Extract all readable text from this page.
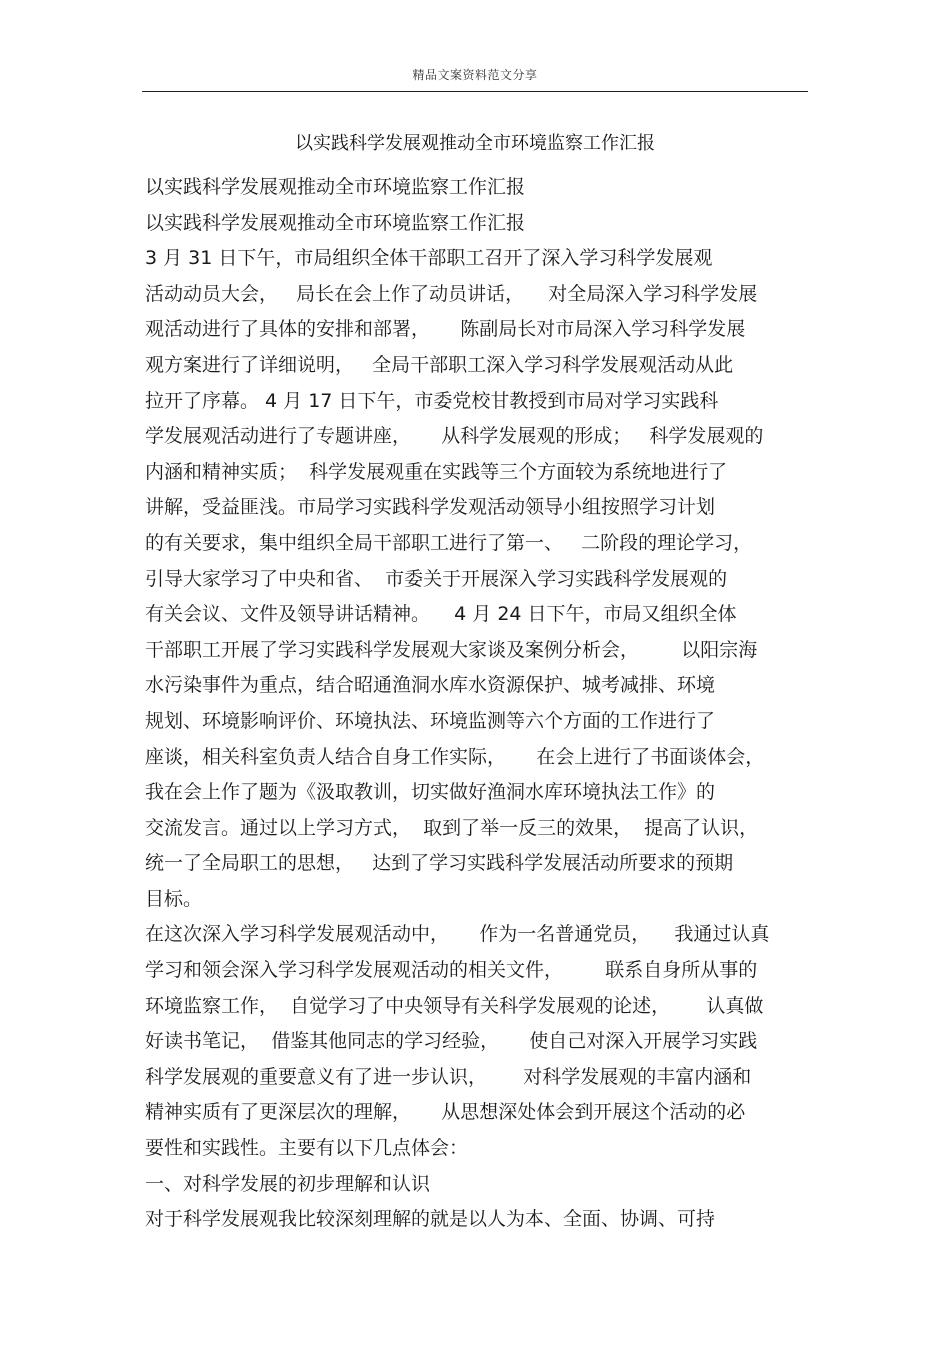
精品文案资料范文分享
以实践科学发展观推动全市环境监察工作汇报
以实践科学发展观推动全市环境监察工作汇报
以实践科学发展观推动全市环境监察工作汇报
3 月 31 日下午，市局组织全体干部职工召开了深入学习科学发展观
活动动员大会，   局长在会上作了动员讲话，    对全局深入学习科学发展
观活动进行了具体的安排和部署，     陈副局长对市局深入学习科学发展
观方案进行了详细说明，   全局干部职工深入学习科学发展观活动从此
拉开了序幕。 4 月 17 日下午，市委党校甘教授到市局对学习实践科
学发展观活动进行了专题讲座，     从科学发展观的形成；   科学发展观的
内涵和精神实质；  科学发展观重在实践等三个方面较为系统地进行了
讲解，受益匪浅。市局学习实践科学发观活动领导小组按照学习计划
的有关要求，集中组织全局干部职工进行了第一、   二阶段的理论学习，
引导大家学习了中央和省、  市委关于开展深入学习实践科学发展观的
有关会议、文件及领导讲话精神。    4 月 24 日下午，市局又组织全体
干部职工开展了学习实践科学发展观大家谈及案例分析会，       以阳宗海
水污染事件为重点，结合昭通渔洞水库水资源保护、城考减排、环境
规划、环境影响评价、环境执法、环境监测等六个方面的工作进行了
座谈，相关科室负责人结合自身工作实际，     在会上进行了书面谈体会，
我在会上作了题为《汲取教训，切实做好渔洞水库环境执法工作》的
交流发言。通过以上学习方式，  取到了举一反三的效果，  提高了认识，
统一了全局职工的思想，   达到了学习实践科学发展活动所要求的预期
目标。
在这次深入学习科学发展观活动中，     作为一名普通党员，    我通过认真
学习和领会深入学习科学发展观活动的相关文件，       联系自身所从事的
环境监察工作，  自觉学习了中央领导有关科学发展观的论述，      认真做
好读书笔记，  借鉴其他同志的学习经验，     使自己对深入开展学习实践
科学发展观的重要意义有了进一步认识，      对科学发展观的丰富内涵和
精神实质有了更深层次的理解，     从思想深处体会到开展这个活动的必
要性和实践性。主要有以下几点体会：
一、对科学发展的初步理解和认识
对于科学发展观我比较深刻理解的就是以人为本、全面、协调、可持
